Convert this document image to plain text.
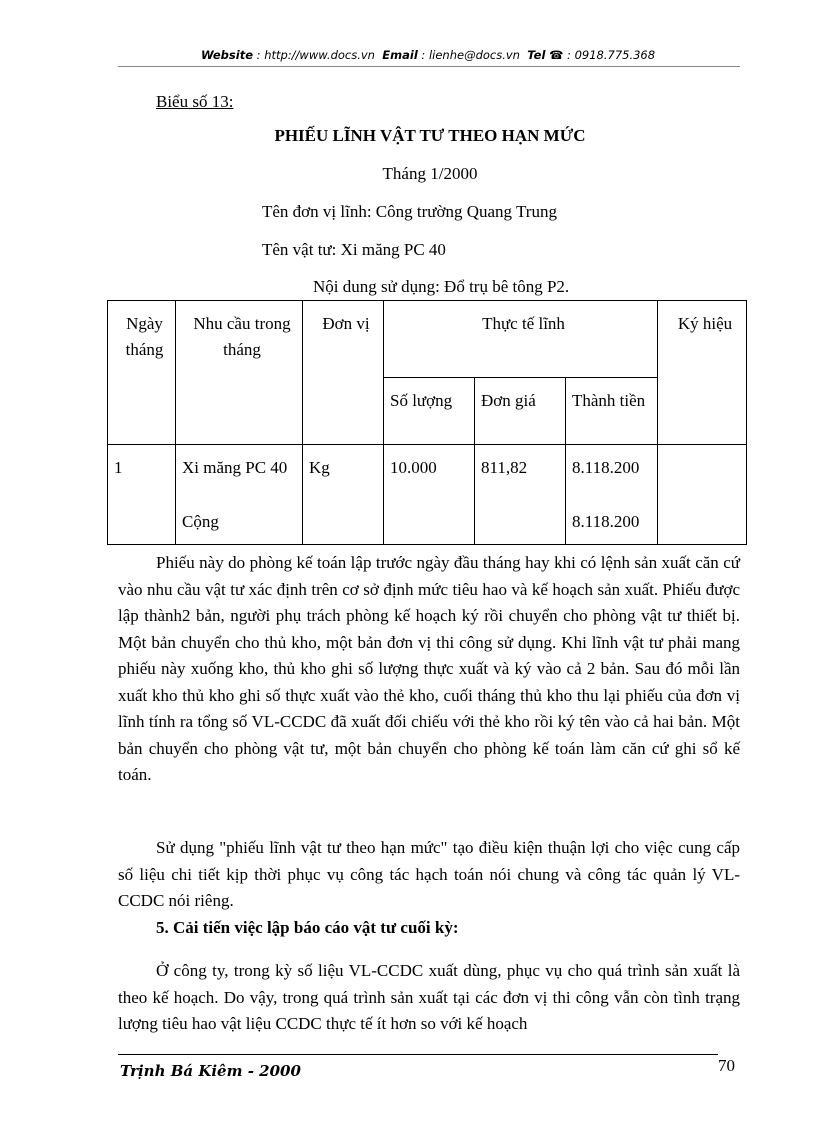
Website : http://www.docs.vn Email : lienhe@docs.vn Tel ☎ : 0918.775.368
Biểu số 13:
PHIẾU LĨNH VẬT TƯ THEO HẠN MỨC
Tháng 1/2000
Tên đơn vị lĩnh: Công trường Quang Trung
Tên vật tư: Xi măng PC 40
Nội dung sử dụng: Đổ trụ bê tông P2.
Ngày tháng	Nhu cầu trong tháng	Đơn vị	Thực tế lĩnh			Ký hiệu
			Số lượng	Đơn giá	Thành tiền	
1	Xi măng PC 40	Kg	10.000	811,82	8.118.200	
	Cộng				8.118.200	

Phiếu này do phòng kế toán lập trước ngày đầu tháng hay khi có lệnh sản xuất căn cứ vào nhu cầu vật tư xác định trên cơ sở định mức tiêu hao và kế hoạch sản xuất. Phiếu được lập thành2 bản, người phụ trách phòng kế hoạch ký rồi chuyển cho phòng vật tư thiết bị. Một bản chuyển cho thủ kho, một bản đơn vị thi công sử dụng. Khi lĩnh vật tư phải mang phiếu này xuống kho, thủ kho ghi số lượng thực xuất và ký vào cả 2 bản. Sau đó mỗi lần xuất kho thủ kho ghi số thực xuất vào thẻ kho, cuối tháng thủ kho thu lại phiếu của đơn vị lĩnh tính ra tổng số VL-CCDC đã xuất đối chiếu với thẻ kho rồi ký tên vào cả hai bản. Một bản chuyển cho phòng vật tư, một bản chuyển cho phòng kế toán làm căn cứ ghi sổ kế toán.

Sử dụng "phiếu lĩnh vật tư theo hạn mức" tạo điều kiện thuận lợi cho việc cung cấp số liệu chi tiết kịp thời phục vụ công tác hạch toán nói chung và công tác quản lý VL-CCDC nói riêng.

5. Cải tiến việc lập báo cáo vật tư cuối kỳ:

Ở công ty, trong kỳ số liệu VL-CCDC xuất dùng, phục vụ cho quá trình sản xuất là theo kế hoạch. Do vậy, trong quá trình sản xuất tại các đơn vị thi công vẫn còn tình trạng lượng tiêu hao vật liệu CCDC thực tế ít hơn so với kế hoạch

Trịnh Bá Kiêm - 2000	70
